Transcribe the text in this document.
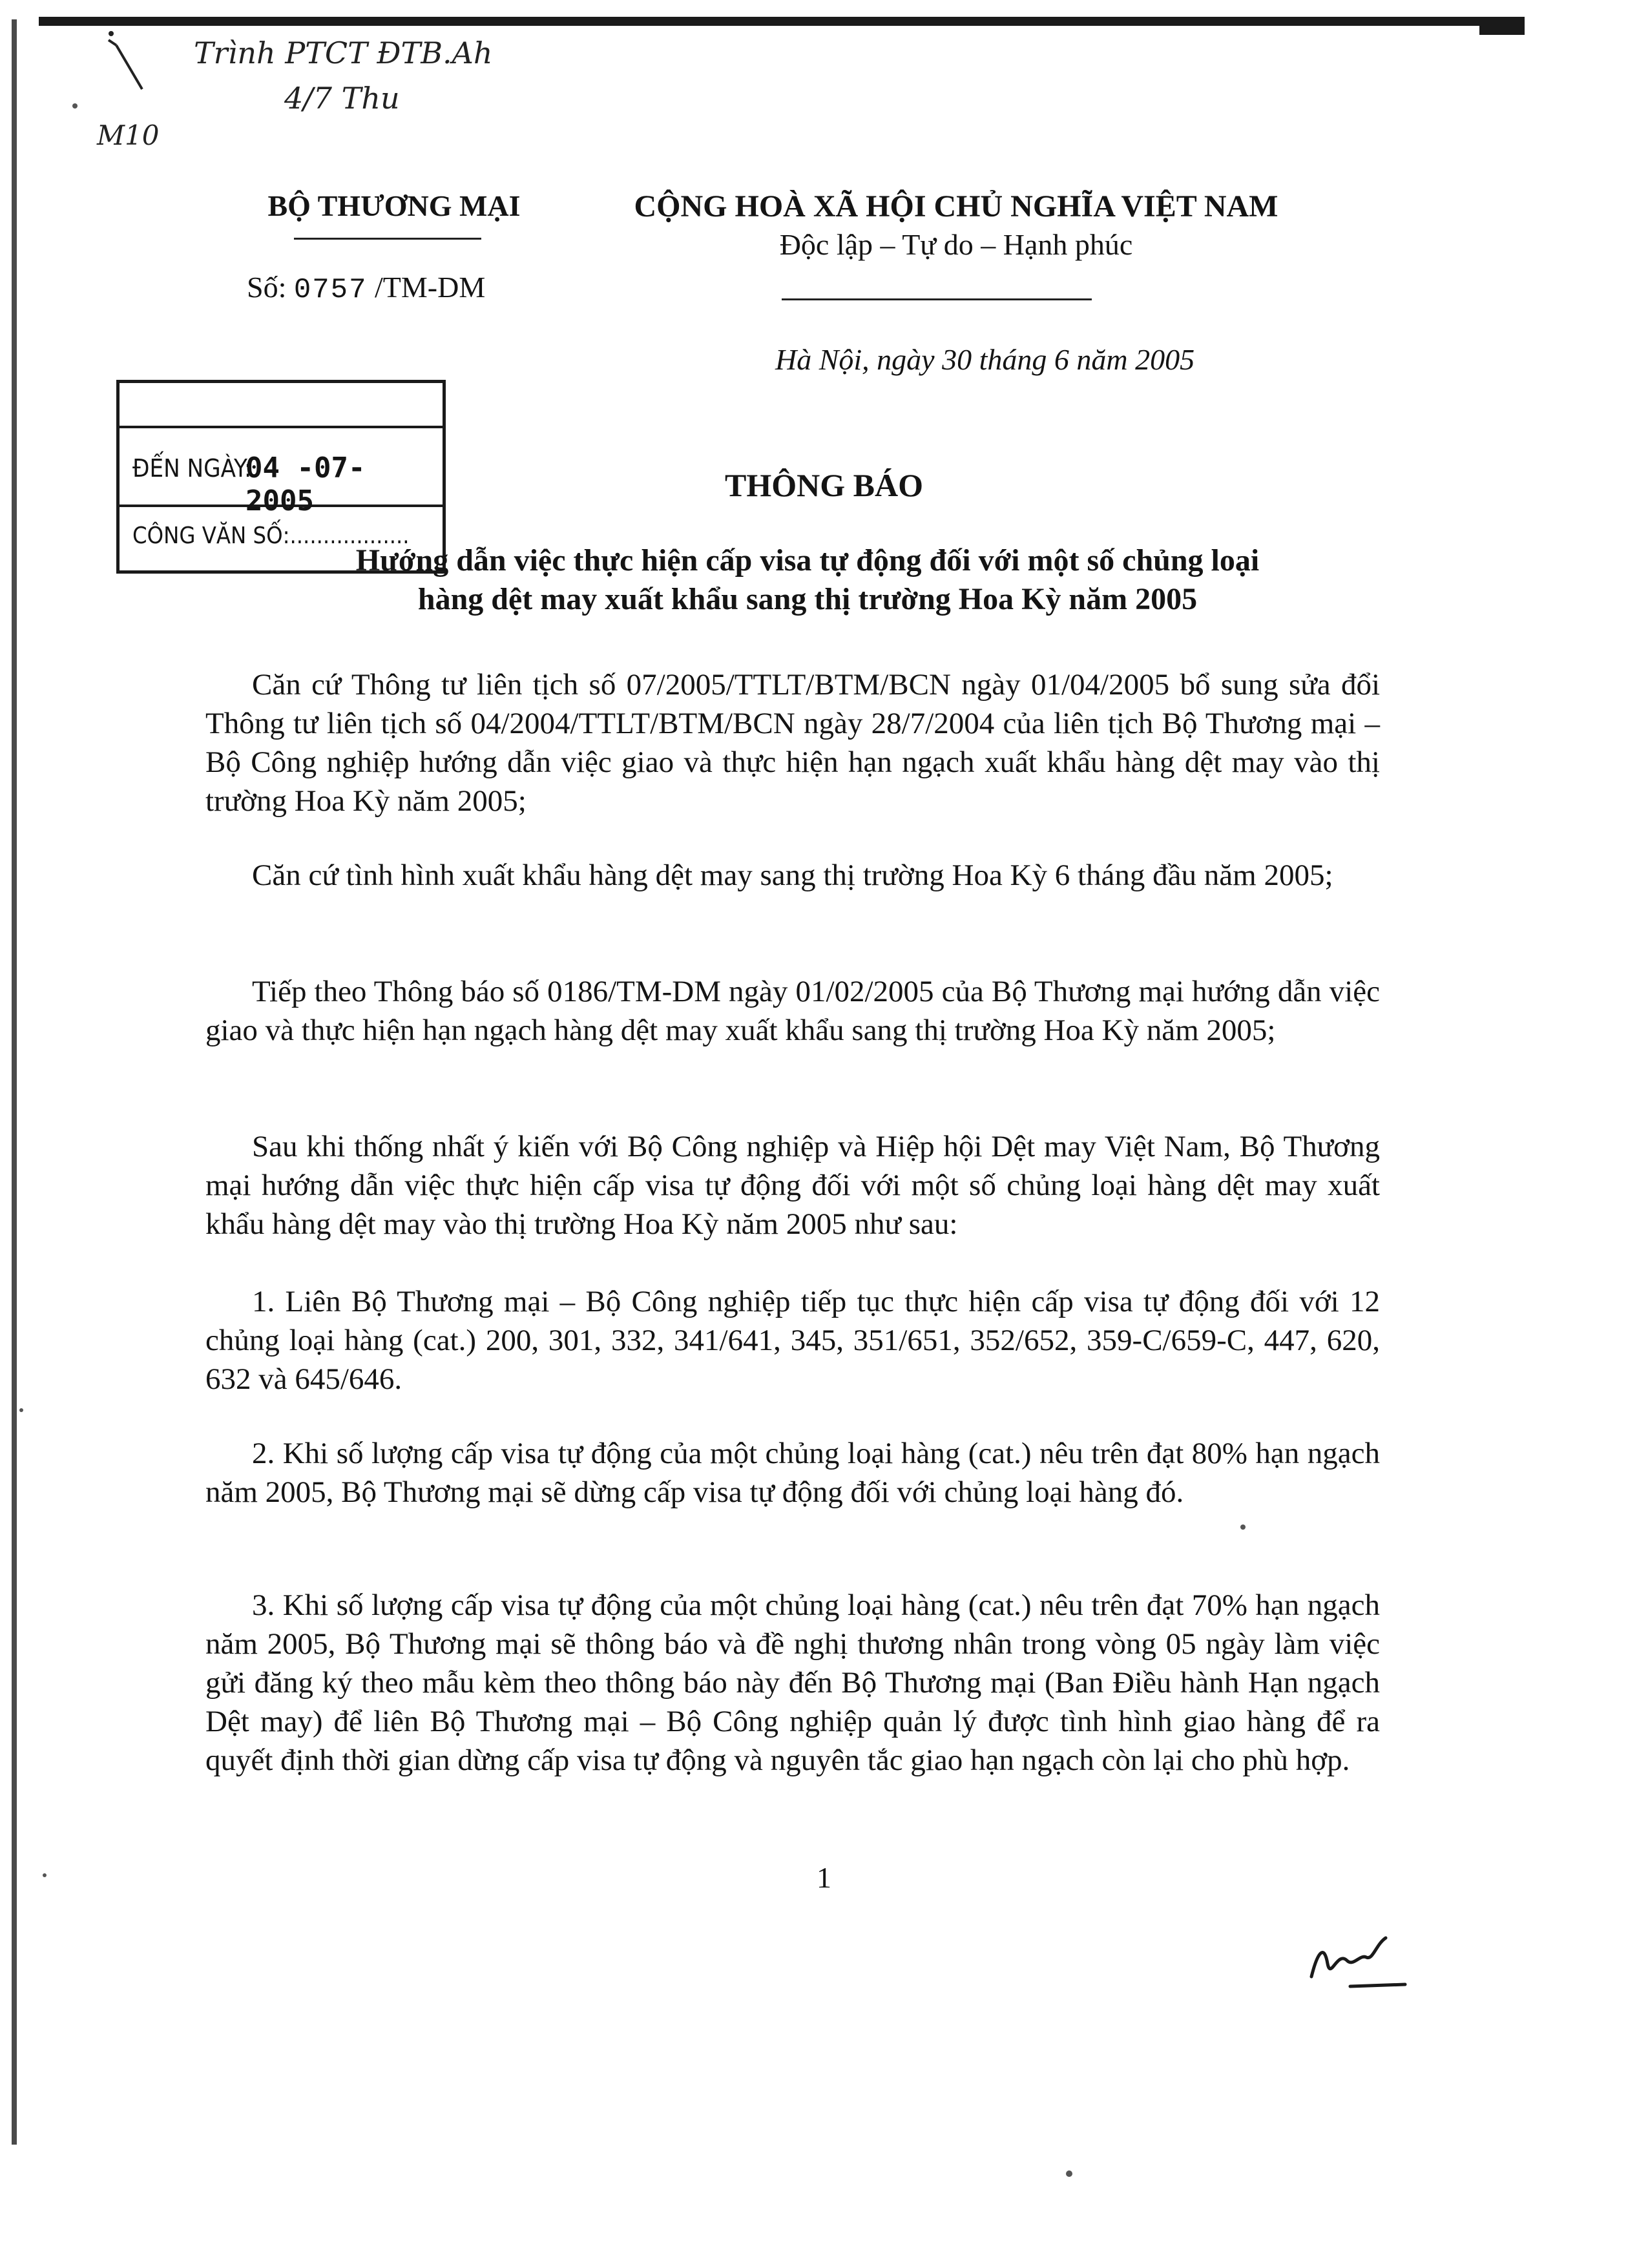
Trình PTCT ĐTB.Ah
4/7 Thu
M10
BỘ THƯƠNG MẠI
Số: 0757 /TM-DM
CỘNG HOÀ XÃ HỘI CHỦ NGHĨA VIỆT NAM
Độc lập – Tự do – Hạnh phúc
Hà Nội, ngày 30 tháng 6 năm 2005
ĐẾN NGÀY:
04 -07- 2005
CÔNG VĂN SỐ:..................
THÔNG BÁO
Hướng dẫn việc thực hiện cấp visa tự động đối với một số chủng loại
hàng dệt may xuất khẩu sang thị trường Hoa Kỳ năm 2005

Căn cứ Thông tư liên tịch số 07/2005/TTLT/BTM/BCN ngày 01/04/2005 bổ sung sửa đổi Thông tư liên tịch số 04/2004/TTLT/BTM/BCN ngày 28/7/2004 của liên tịch Bộ Thương mại – Bộ Công nghiệp hướng dẫn việc giao và thực hiện hạn ngạch xuất khẩu hàng dệt may vào thị trường Hoa Kỳ năm 2005;

Căn cứ tình hình xuất khẩu hàng dệt may sang thị trường Hoa Kỳ 6 tháng đầu năm 2005;

Tiếp theo Thông báo số 0186/TM-DM ngày 01/02/2005 của Bộ Thương mại hướng dẫn việc giao và thực hiện hạn ngạch hàng dệt may xuất khẩu sang thị trường Hoa Kỳ năm 2005;

Sau khi thống nhất ý kiến với Bộ Công nghiệp và Hiệp hội Dệt may Việt Nam, Bộ Thương mại hướng dẫn việc thực hiện cấp visa tự động đối với một số chủng loại hàng dệt may xuất khẩu hàng dệt may vào thị trường Hoa Kỳ năm 2005 như sau:

1. Liên Bộ Thương mại – Bộ Công nghiệp tiếp tục thực hiện cấp visa tự động đối với 12 chủng loại hàng (cat.) 200, 301, 332, 341/641, 345, 351/651, 352/652, 359-C/659-C, 447, 620, 632 và 645/646.

2. Khi số lượng cấp visa tự động của một chủng loại hàng (cat.) nêu trên đạt 80% hạn ngạch năm 2005, Bộ Thương mại sẽ dừng cấp visa tự động đối với chủng loại hàng đó.

3. Khi số lượng cấp visa tự động của một chủng loại hàng (cat.) nêu trên đạt 70% hạn ngạch năm 2005, Bộ Thương mại sẽ thông báo và đề nghị thương nhân trong vòng 05 ngày làm việc gửi đăng ký theo mẫu kèm theo thông báo này đến Bộ Thương mại (Ban Điều hành Hạn ngạch Dệt may) để liên Bộ Thương mại – Bộ Công nghiệp quản lý được tình hình giao hàng để ra quyết định thời gian dừng cấp visa tự động và nguyên tắc giao hạn ngạch còn lại cho phù hợp.

1
